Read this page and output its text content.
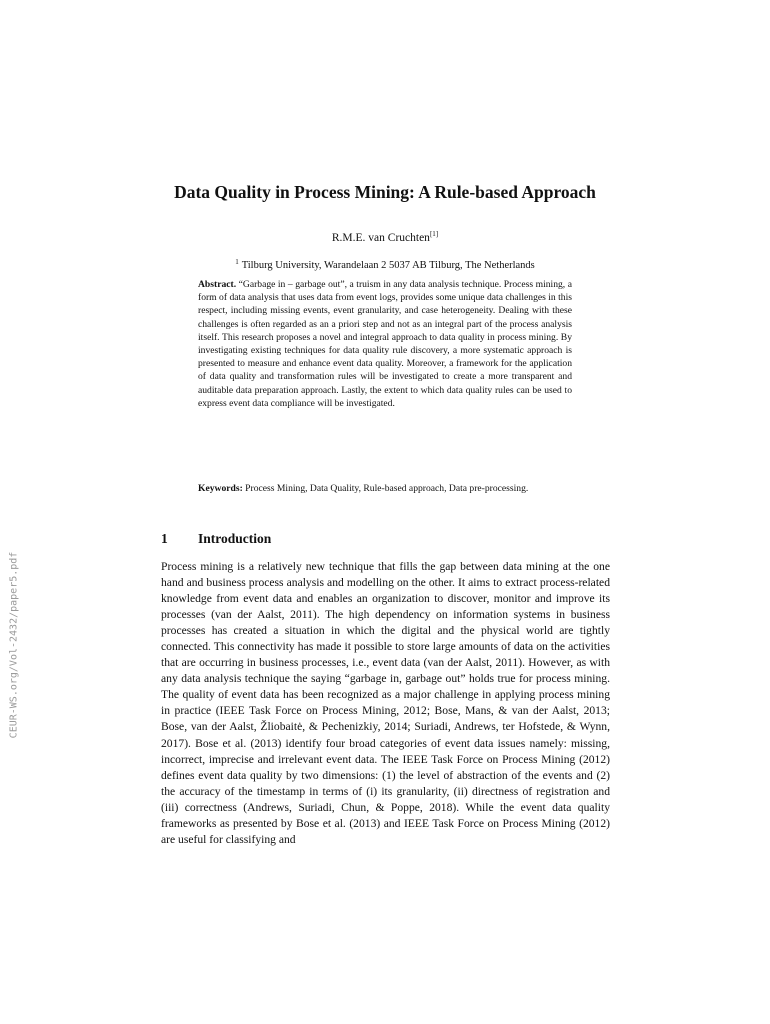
Data Quality in Process Mining: A Rule-based Approach
R.M.E. van Cruchten[1]
$^1$ Tilburg University, Warandelaan 2 5037 AB Tilburg, The Netherlands
Abstract. “Garbage in – garbage out”, a truism in any data analysis technique. Process mining, a form of data analysis that uses data from event logs, provides some unique data challenges in this respect, including missing events, event granularity, and case heterogeneity. Dealing with these challenges is often regarded as an a priori step and not as an integral part of the process analysis itself. This research proposes a novel and integral approach to data quality in process mining. By investigating existing techniques for data quality rule discovery, a more systematic approach is presented to measure and enhance event data quality. Moreover, a framework for the application of data quality and transformation rules will be investigated to create a more transparent and auditable data preparation approach. Lastly, the extent to which data quality rules can be used to express event data compliance will be investigated.
Keywords: Process Mining, Data Quality, Rule-based approach, Data pre-processing.
1 Introduction
Process mining is a relatively new technique that fills the gap between data mining at the one hand and business process analysis and modelling on the other. It aims to extract process-related knowledge from event data and enables an organization to discover, monitor and improve its processes (van der Aalst, 2011). The high dependency on information systems in business processes has created a situation in which the digital and the physical world are tightly connected. This connectivity has made it possible to store large amounts of data on the activities that are occurring in business processes, i.e., event data (van der Aalst, 2011). However, as with any data analysis technique the saying “garbage in, garbage out” holds true for process mining. The quality of event data has been recognized as a major challenge in applying process mining in practice (IEEE Task Force on Process Mining, 2012; Bose, Mans, & van der Aalst, 2013; Bose, van der Aalst, Žliobaitė, & Pechenizkiy, 2014; Suriadi, Andrews, ter Hofstede, & Wynn, 2017). Bose et al. (2013) identify four broad categories of event data issues namely: missing, incorrect, imprecise and irrelevant event data. The IEEE Task Force on Process Mining (2012) defines event data quality by two dimensions: (1) the level of abstraction of the events and (2) the accuracy of the timestamp in terms of (i) its granularity, (ii) directness of registration and (iii) correctness (Andrews, Suriadi, Chun, & Poppe, 2018). While the event data quality frameworks as presented by Bose et al. (2013) and IEEE Task Force on Process Mining (2012) are useful for classifying and
CEUR-WS.org/Vol-2432/paper5.pdf
